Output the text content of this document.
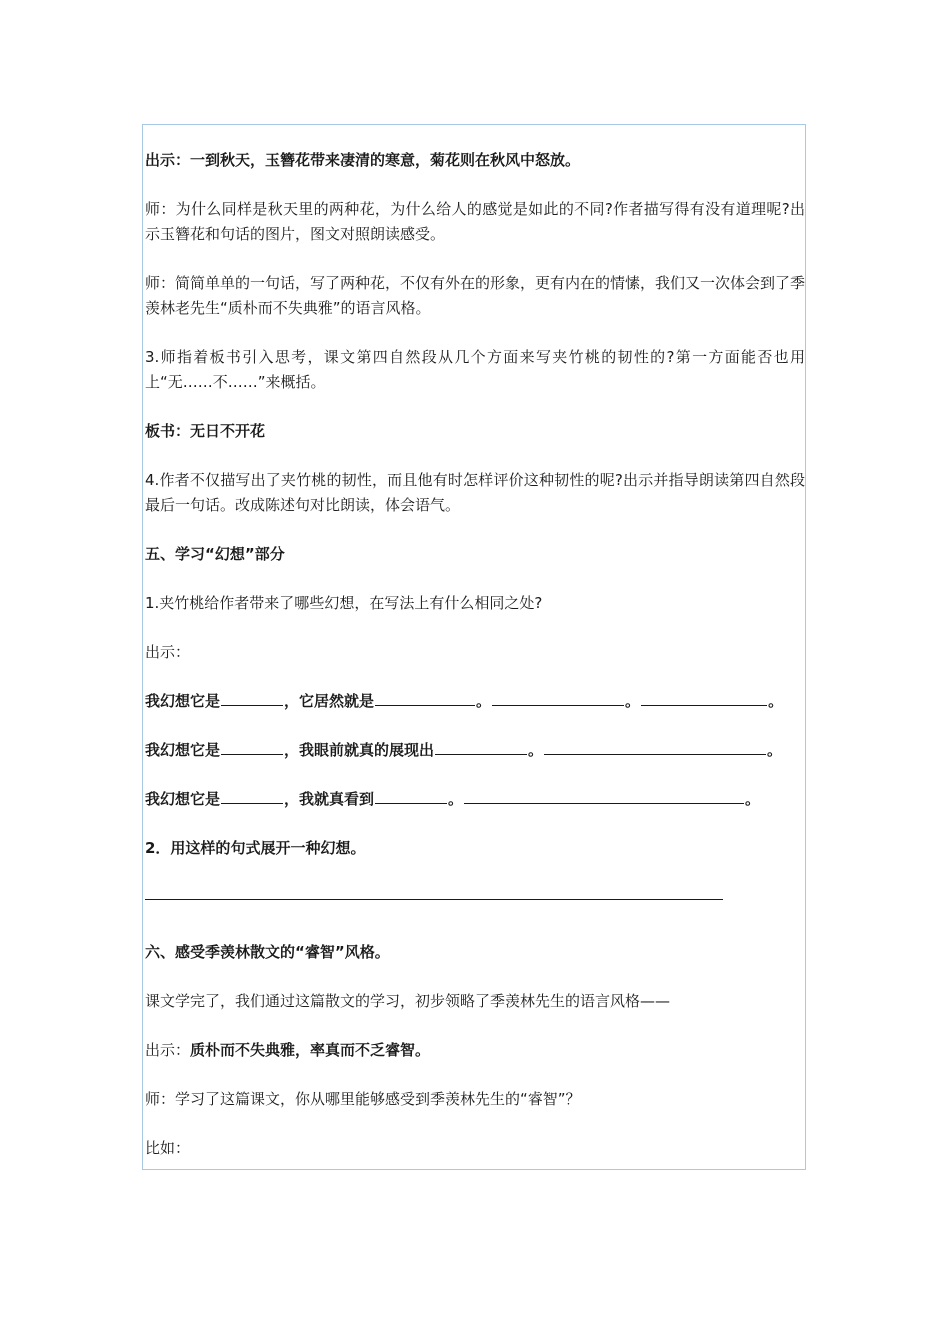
出示：一到秋天，玉簪花带来凄清的寒意，菊花则在秋风中怒放。

师：为什么同样是秋天里的两种花，为什么给人的感觉是如此的不同?作者描写得有没有道理呢?出示玉簪花和句话的图片，图文对照朗读感受。

师：简简单单的一句话，写了两种花，不仅有外在的形象，更有内在的情愫，我们又一次体会到了季羡林老先生“质朴而不失典雅”的语言风格。

3.师指着板书引入思考，课文第四自然段从几个方面来写夹竹桃的韧性的?第一方面能否也用上“无……不……”来概括。

板书：无日不开花

4.作者不仅描写出了夹竹桃的韧性，而且他有时怎样评价这种韧性的呢?出示并指导朗读第四自然段最后一句话。改成陈述句对比朗读，体会语气。

五、学习“幻想”部分

1.夹竹桃给作者带来了哪些幻想，在写法上有什么相同之处?

出示：

我幻想它是	，它居然就是	。	。	。

我幻想它是	，我眼前就真的展现出	。	。

我幻想它是	，我就真看到	。	。

2．用这样的句式展开一种幻想。

六、感受季羡林散文的“睿智”风格。

课文学完了，我们通过这篇散文的学习，初步领略了季羡林先生的语言风格——

出示：质朴而不失典雅，率真而不乏睿智。

师：学习了这篇课文，你从哪里能够感受到季羡林先生的“睿智”？

比如：
